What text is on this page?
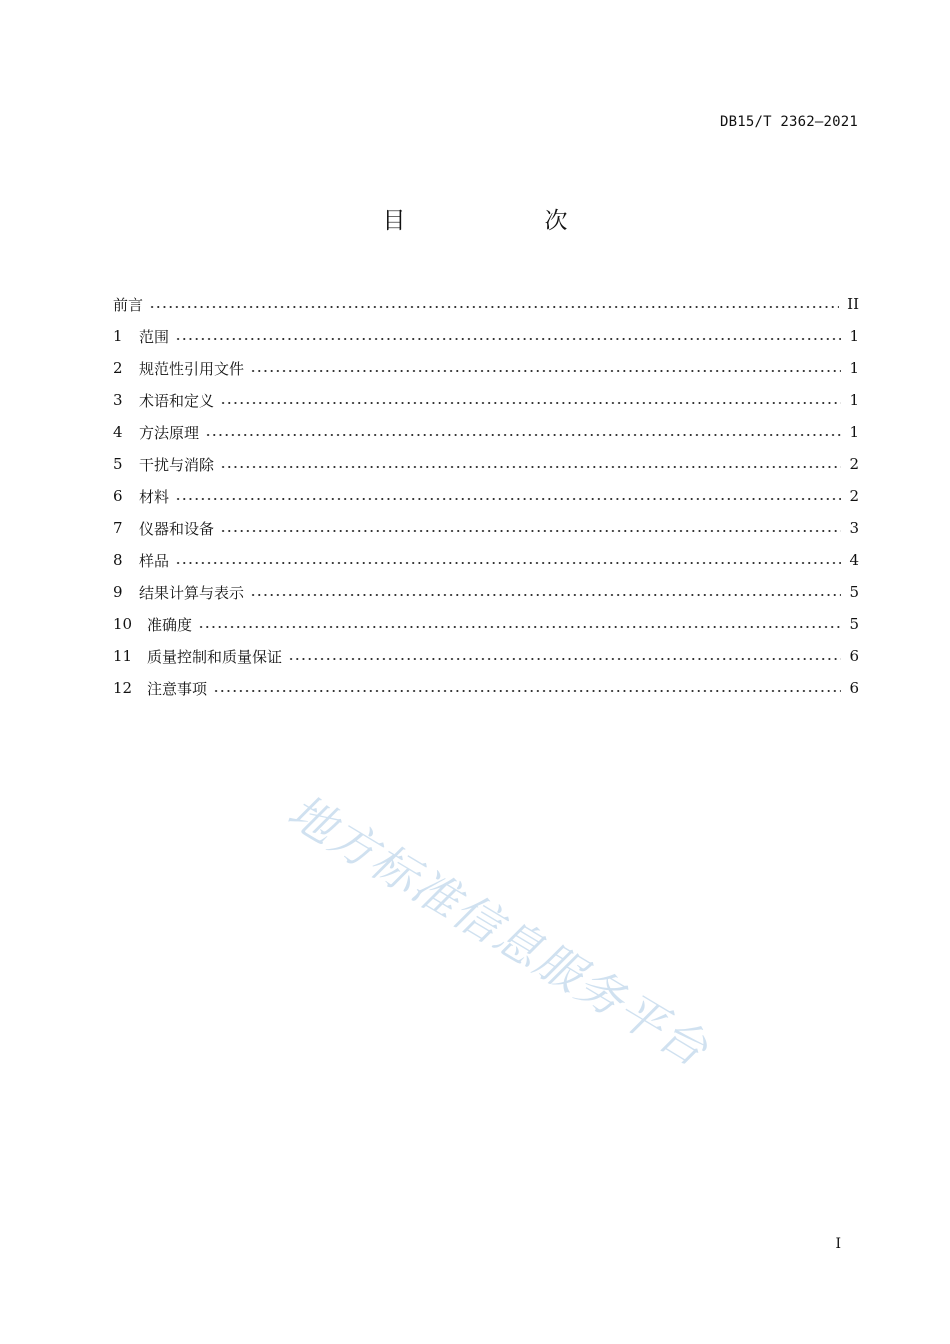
DB15/T 2362—2021
目　次
前言	II
1	范围	1
2	规范性引用文件	1
3	术语和定义	1
4	方法原理	1
5	干扰与消除	2
6	材料	2
7	仪器和设备	3
8	样品	4
9	结果计算与表示	5
10 准确度	5
11 质量控制和质量保证	6
12 注意事项	6
地方标准信息服务平台
I
